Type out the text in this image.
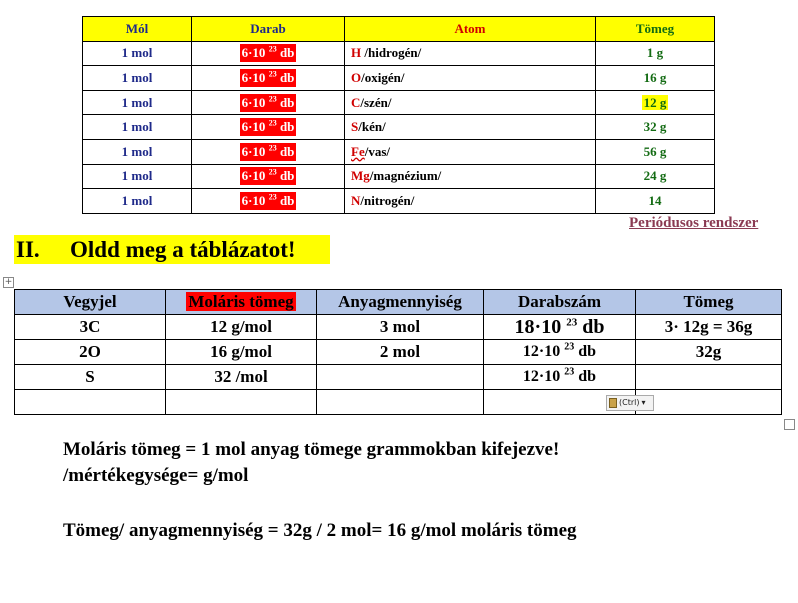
Mól	Darab	Atom	Tömeg
1 mol	6·10 $^{23}$ db	H /hidrogén/	1 g
1 mol	6·10 $^{23}$ db	O/oxigén/	16 g
1 mol	6·10 $^{23}$ db	C/szén/	12 g
1 mol	6·10 $^{23}$ db	S/kén/	32 g
1 mol	6·10 $^{23}$ db	Fe/vas/	56 g
1 mol	6·10 $^{23}$ db	Mg/magnézium/	24 g
1 mol	6·10 $^{23}$ db	N/nitrogén/	14
Periódusos rendszer
II. Oldd meg a táblázatot!
+
Vegyjel	Moláris tömeg	Anyagmennyiség	Darabszám	Tömeg
3C	12 g/mol	3 mol	18·10 $^{23}$ db	3· 12g = 36g
2O	16 g/mol	2 mol	12·10 $^{23}$ db	32g
S	32 /mol		12·10 $^{23}$ db	

(Ctrl) ▾
Moláris tömeg = 1 mol anyag tömege grammokban kifejezve!
/mértékegysége= g/mol
Tömeg/ anyagmennyiség = 32g / 2 mol= 16 g/mol moláris tömeg
